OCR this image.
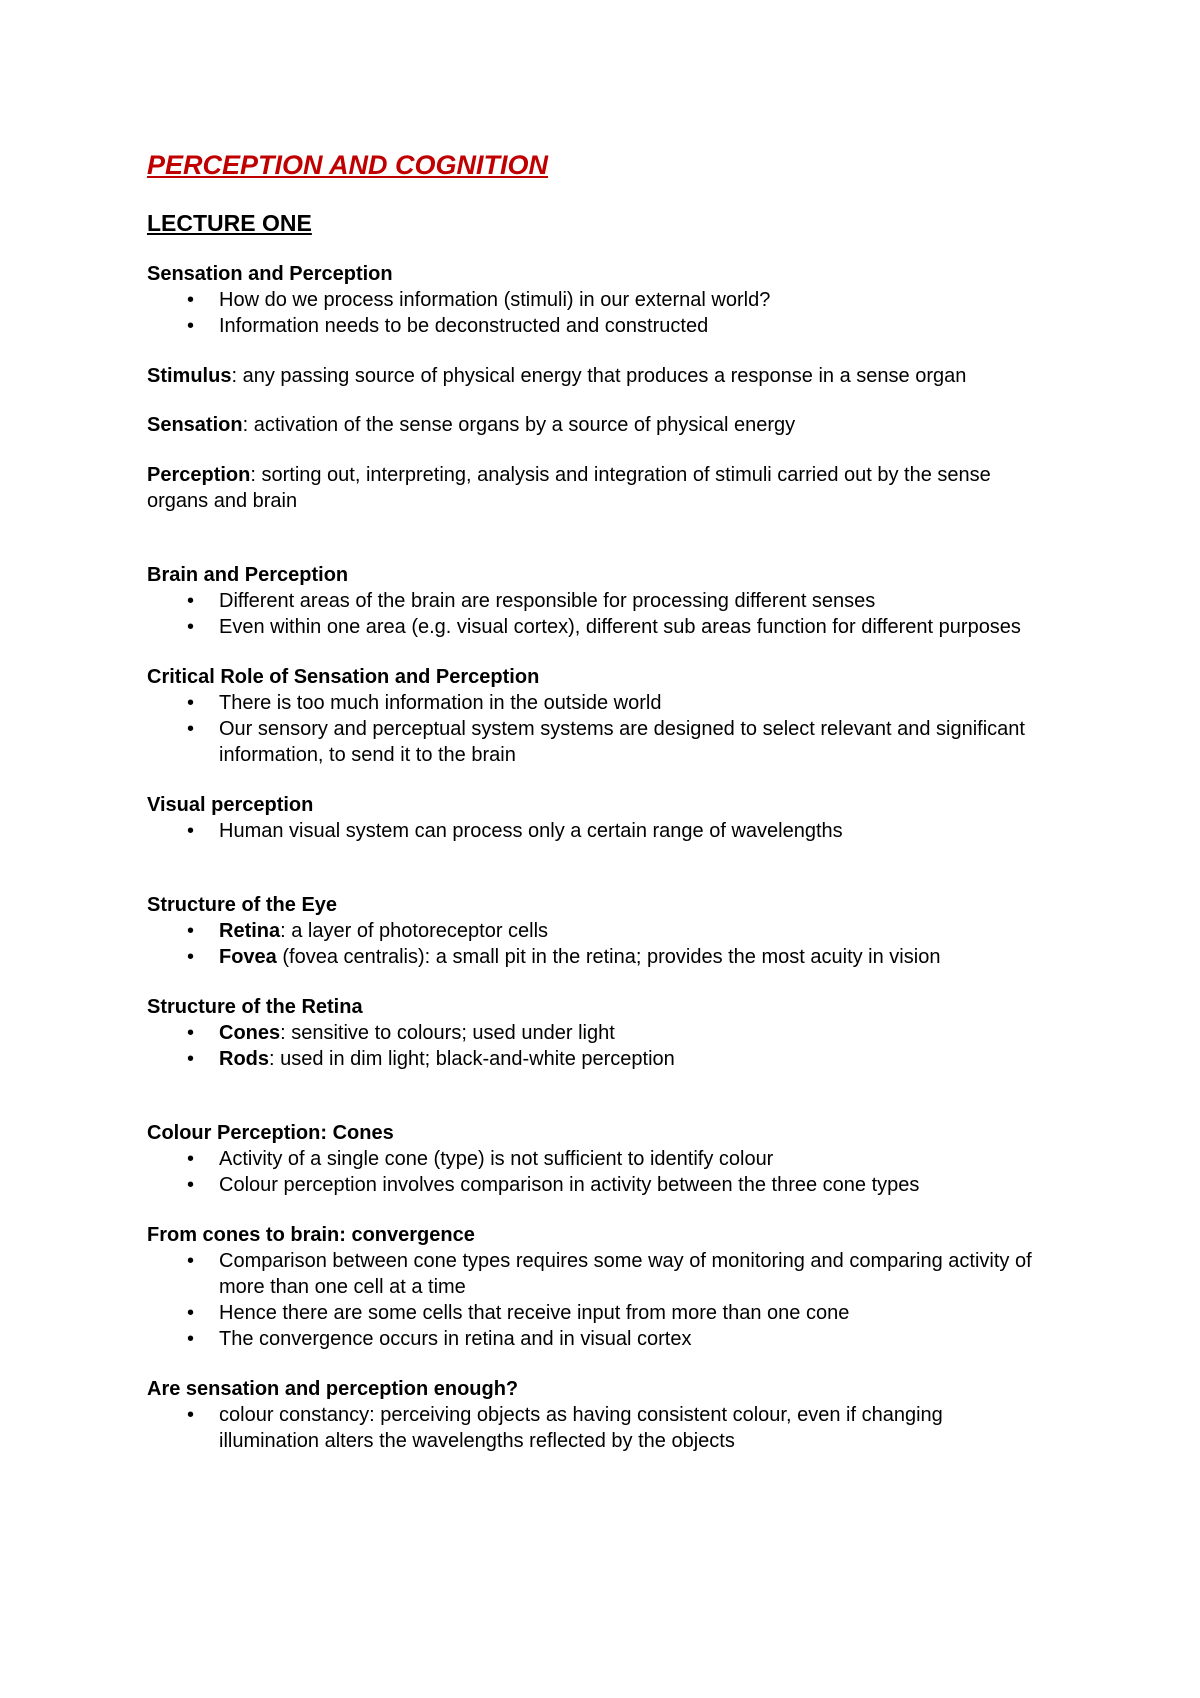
PERCEPTION AND COGNITION
LECTURE ONE

Sensation and Perception

•	How do we process information (stimuli) in our external world?
•	Information needs to be deconstructed and constructed

Stimulus: any passing source of physical energy that produces a response in a sense organ

Sensation: activation of the sense organs by a source of physical energy

Perception: sorting out, interpreting, analysis and integration of stimuli carried out by the sense organs and brain

Brain and Perception

•	Different areas of the brain are responsible for processing different senses
•	Even within one area (e.g. visual cortex), different sub areas function for different purposes

Critical Role of Sensation and Perception

•	There is too much information in the outside world
•	Our sensory and perceptual system systems are designed to select relevant and significant information, to send it to the brain

Visual perception

•	Human visual system can process only a certain range of wavelengths

Structure of the Eye

•	Retina: a layer of photoreceptor cells
•	Fovea (fovea centralis): a small pit in the retina; provides the most acuity in vision

Structure of the Retina

•	Cones: sensitive to colours; used under light
•	Rods: used in dim light; black-and-white perception

Colour Perception: Cones

•	Activity of a single cone (type) is not sufficient to identify colour
•	Colour perception involves comparison in activity between the three cone types

From cones to brain: convergence

•	Comparison between cone types requires some way of monitoring and comparing activity of more than one cell at a time
•	Hence there are some cells that receive input from more than one cone
•	The convergence occurs in retina and in visual cortex

Are sensation and perception enough?

•	colour constancy: perceiving objects as having consistent colour, even if changing illumination alters the wavelengths reflected by the objects
